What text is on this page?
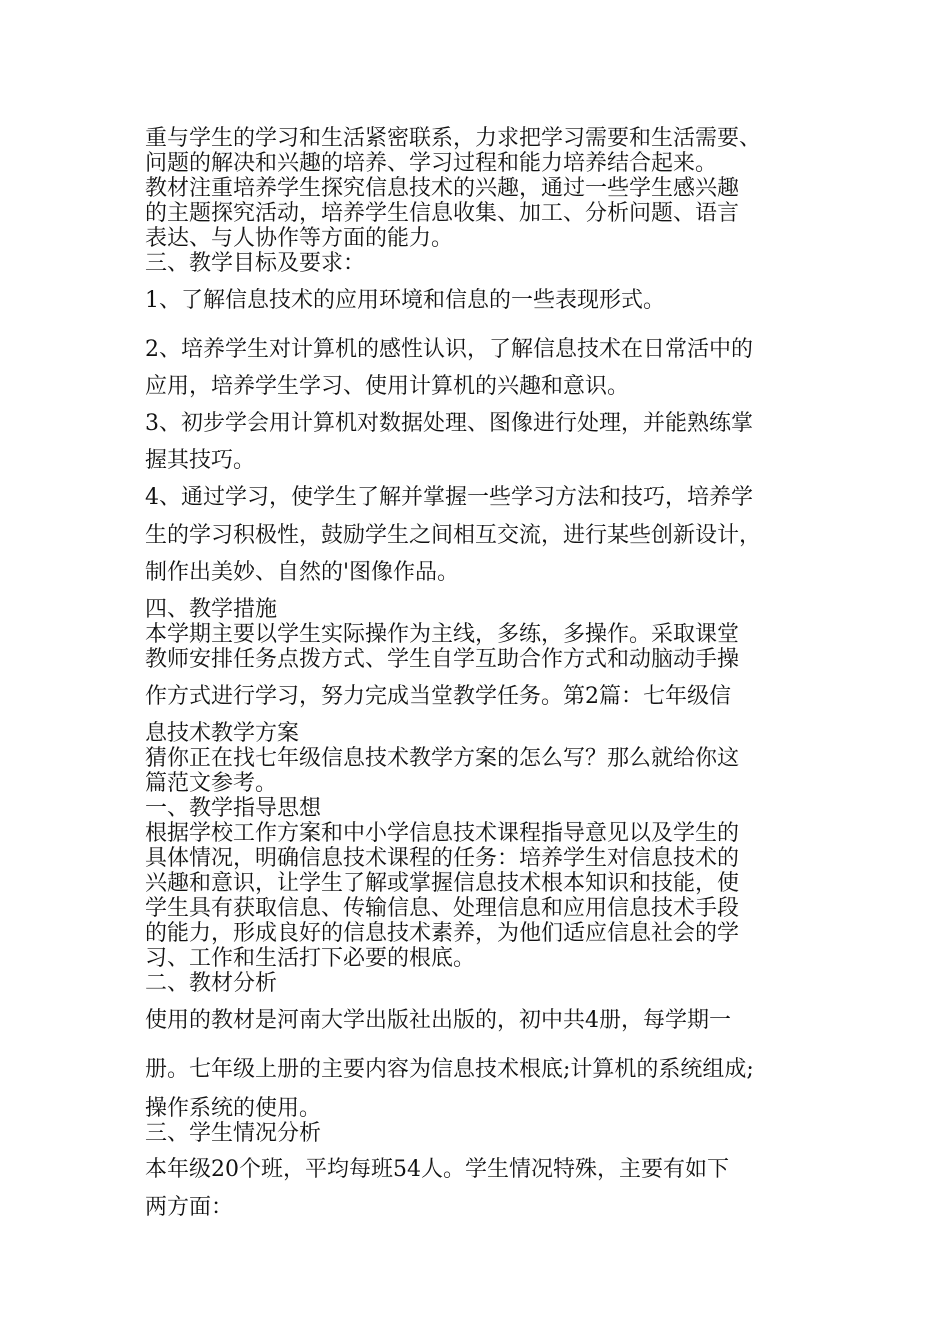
重与学生的学习和生活紧密联系，力求把学习需要和生活需要、

问题的解决和兴趣的培养、学习过程和能力培养结合起来。

教材注重培养学生探究信息技术的兴趣，通过一些学生感兴趣

的主题探究活动，培养学生信息收集、加工、分析问题、语言

表达、与人协作等方面的能力。

三、教学目标及要求：

1、了解信息技术的应用环境和信息的一些表现形式。

2、培养学生对计算机的感性认识，了解信息技术在日常活中的

应用，培养学生学习、使用计算机的兴趣和意识。

3、初步学会用计算机对数据处理、图像进行处理，并能熟练掌

握其技巧。

4、通过学习，使学生了解并掌握一些学习方法和技巧，培养学

生的学习积极性，鼓励学生之间相互交流，进行某些创新设计，

制作出美妙、自然的'图像作品。

四、教学措施

本学期主要以学生实际操作为主线，多练，多操作。采取课堂

教师安排任务点拨方式、学生自学互助合作方式和动脑动手操

作方式进行学习，努力完成当堂教学任务。第2篇：七年级信

息技术教学方案

猜你正在找七年级信息技术教学方案的怎么写？那么就给你这

篇范文参考。

一、教学指导思想

根据学校工作方案和中小学信息技术课程指导意见以及学生的

具体情况，明确信息技术课程的任务：培养学生对信息技术的

兴趣和意识，让学生了解或掌握信息技术根本知识和技能，使

学生具有获取信息、传输信息、处理信息和应用信息技术手段

的能力，形成良好的信息技术素养，为他们适应信息社会的学

习、工作和生活打下必要的根底。

二、教材分析

使用的教材是河南大学出版社出版的，初中共4册，每学期一

册。七年级上册的主要内容为信息技术根底;计算机的系统组成;

操作系统的使用。

三、学生情况分析

本年级20个班，平均每班54人。学生情况特殊，主要有如下

两方面：
